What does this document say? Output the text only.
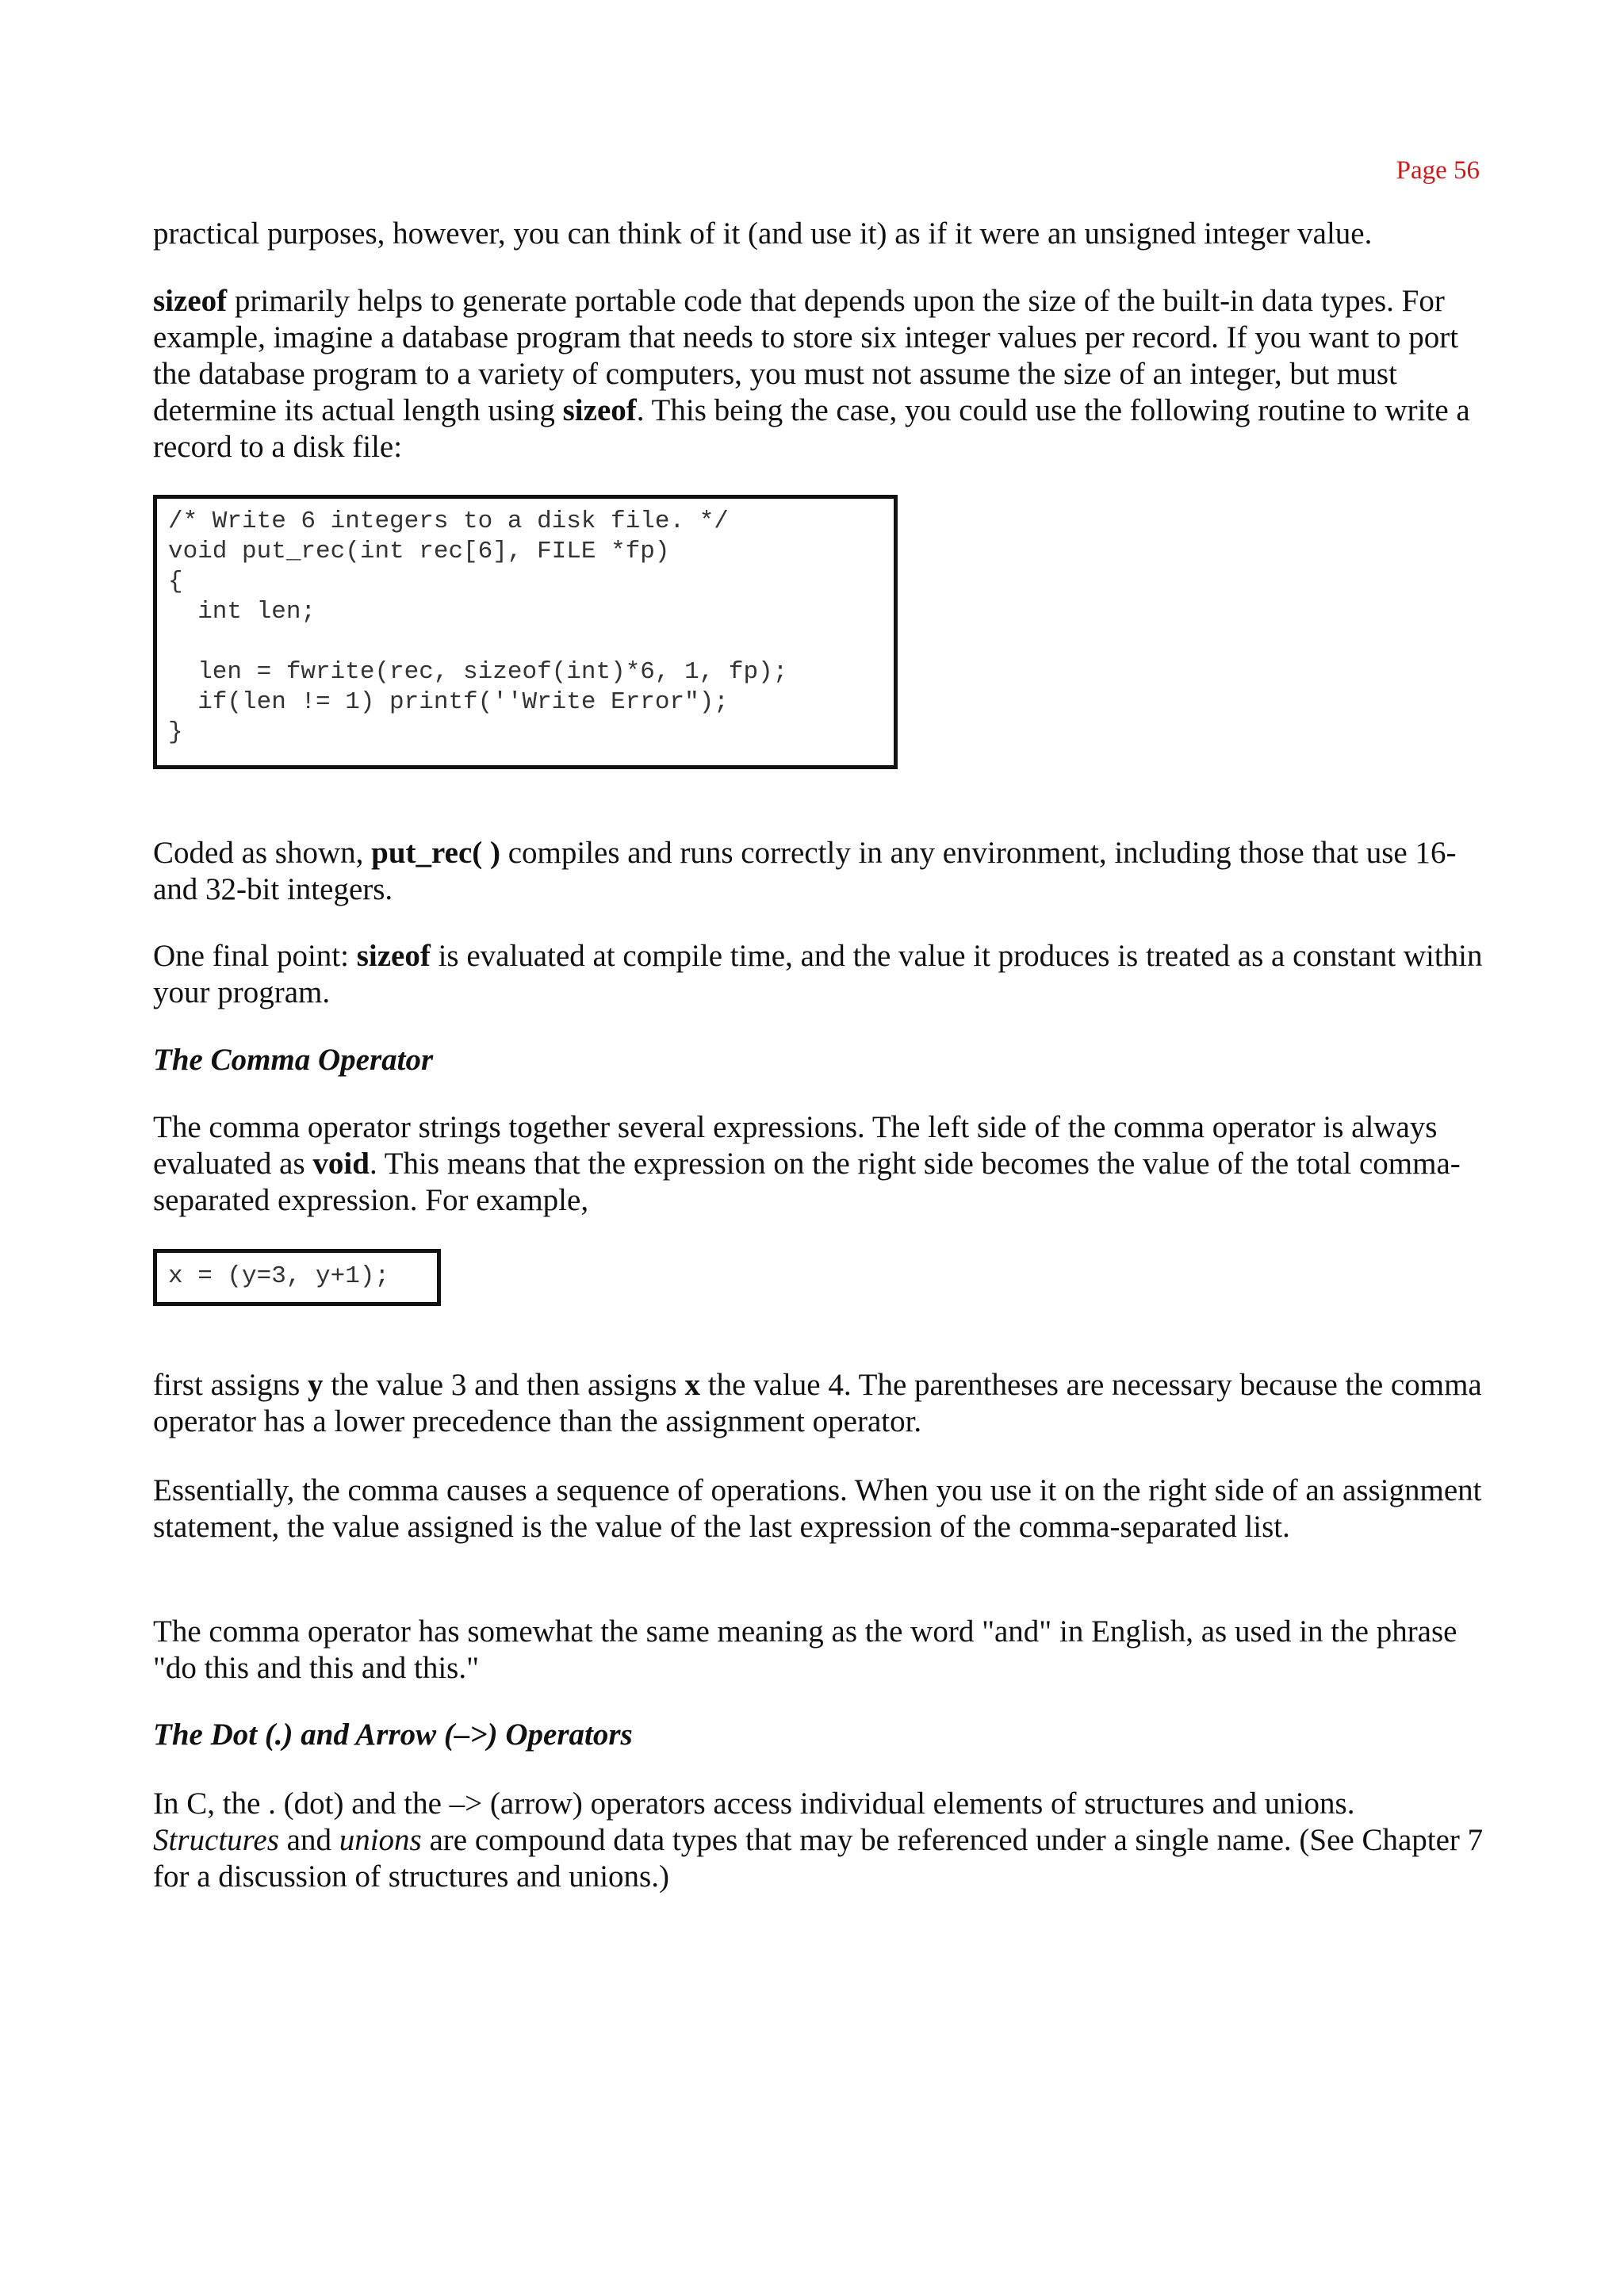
Page 56

practical purposes, however, you can think of it (and use it) as if it were an unsigned integer value.

sizeof primarily helps to generate portable code that depends upon the size of the built-in data types. For example, imagine a database program that needs to store six integer values per record. If you want to port the database program to a variety of computers, you must not assume the size of an integer, but must determine its actual length using sizeof. This being the case, you could use the following routine to write a record to a disk file:

/* Write 6 integers to a disk file. */
void put_rec(int rec[6], FILE *fp)
{
int len;

len = fwrite(rec, sizeof(int)*6, 1, fp);
if(len != 1) printf(''Write Error");
}

Coded as shown, put_rec( ) compiles and runs correctly in any environment, including those that use 16- and 32-bit integers.

One final point: sizeof is evaluated at compile time, and the value it produces is treated as a constant within your program.

The Comma Operator

The comma operator strings together several expressions. The left side of the comma operator is always evaluated as void. This means that the expression on the right side becomes the value of the total comma-separated expression. For example,

x = (y=3, y+1);

first assigns y the value 3 and then assigns x the value 4. The parentheses are necessary because the comma operator has a lower precedence than the assignment operator.

Essentially, the comma causes a sequence of operations. When you use it on the right side of an assignment statement, the value assigned is the value of the last expression of the comma-separated list.

The comma operator has somewhat the same meaning as the word "and" in English, as used in the phrase "do this and this and this."

The Dot (.) and Arrow (–>) Operators

In C, the . (dot) and the –> (arrow) operators access individual elements of structures and unions. Structures and unions are compound data types that may be referenced under a single name. (See Chapter 7 for a discussion of structures and unions.)
